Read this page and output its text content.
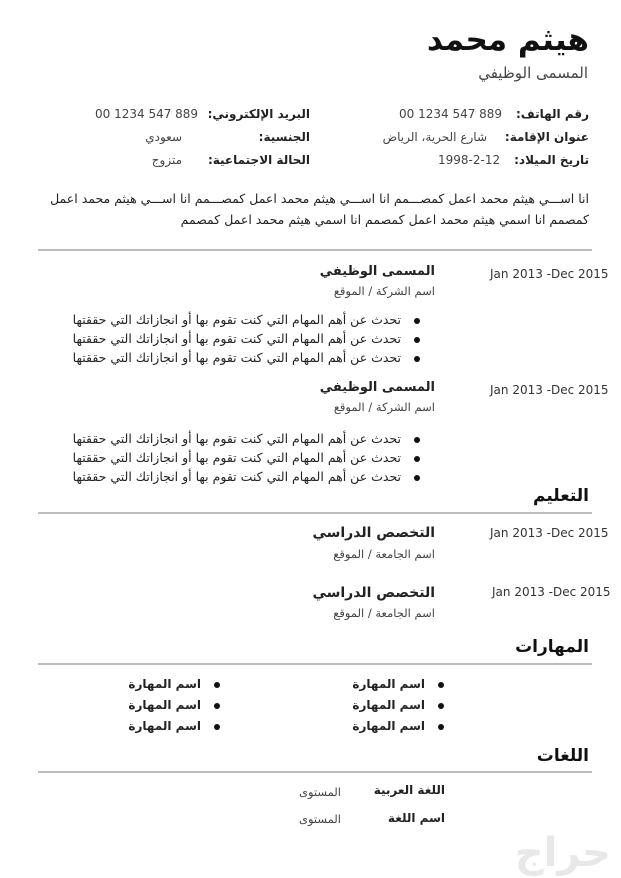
هيثم محمد
المسمى الوظيفي
رقم الهاتف:
00 1234 547 889
البريد الإلكتروني:
00 1234 547 889
عنوان الإقامة:
شارع الحرية، الرياض
الجنسية:
سعودي
تاريخ الميلاد:
1998-2-12
الحالة الاجتماعية:
متزوج
انا اســـي هيثم محمد اعمل كمصـــمم انا اســـي هيثم محمد اعمل كمصـــمم انا اســـي هيثم محمد اعمل
كمصمم انا اسمي هيثم محمد اعمل كمصمم انا اسمي هيثم محمد اعمل كمصمم
Jan 2013 -Dec 2015
المسمى الوظيفي
اسم الشركة / الموقع
تحدث عن أهم المهام التي كنت تقوم بها أو انجازاتك التي حققتها
تحدث عن أهم المهام التي كنت تقوم بها أو انجازاتك التي حققتها
تحدث عن أهم المهام التي كنت تقوم بها أو انجازاتك التي حققتها
Jan 2013 -Dec 2015
المسمى الوظيفي
اسم الشركة / الموقع
تحدث عن أهم المهام التي كنت تقوم بها أو انجازاتك التي حققتها
تحدث عن أهم المهام التي كنت تقوم بها أو انجازاتك التي حققتها
تحدث عن أهم المهام التي كنت تقوم بها أو انجازاتك التي حققتها
التعليم
Jan 2013 -Dec 2015
التخصص الدراسي
اسم الجامعة / الموقع
Jan 2013 -Dec 2015
التخصص الدراسي
اسم الجامعة / الموقع
المهارات
اسم المهارة
اسم المهارة
اسم المهارة
اسم المهارة
اسم المهارة
اسم المهارة
اللغات
اللغة العربية
المستوى
اسم اللغة
المستوى
حراج
